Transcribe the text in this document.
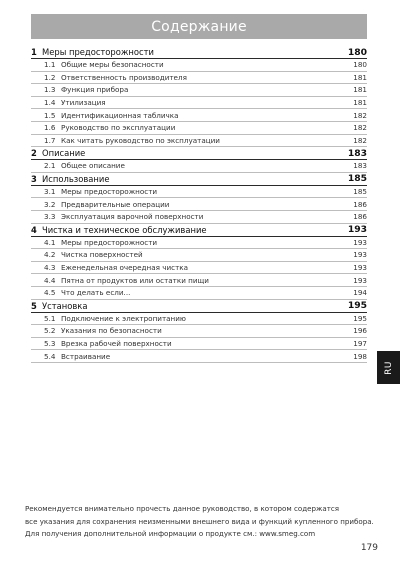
Содержание
1 Меры предосторожности	180
1.1 Общие меры безопасности	180
1.2 Ответственность производителя	181
1.3 Функция прибора	181
1.4 Утилизация	181
1.5 Идентификационная табличка	182
1.6 Руководство по эксплуатации	182
1.7 Как читать руководство по эксплуатации	182
2 Описание	183
2.1 Общее описание	183
3 Использование	185
3.1 Меры предосторожности	185
3.2 Предварительные операции	186
3.3 Эксплуатация варочной поверхности	186
4 Чистка и техническое обслуживание	193
4.1 Меры предосторожности	193
4.2 Чистка поверхностей	193
4.3 Еженедельная очередная чистка	193
4.4 Пятна от продуктов или остатки пищи	193
4.5 Что делать если...	194
5 Установка	195
5.1 Подключение к электропитанию	195
5.2 Указания по безопасности	196
5.3 Врезка рабочей поверхности	197
5.4 Встраивание	198
RU

Рекомендуется внимательно прочесть данное руководство, в котором содержатся

все указания для сохранения неизменными внешнего вида и функций купленного прибора.

Для получения дополнительной информации о продукте см.: www.smeg.com

179
